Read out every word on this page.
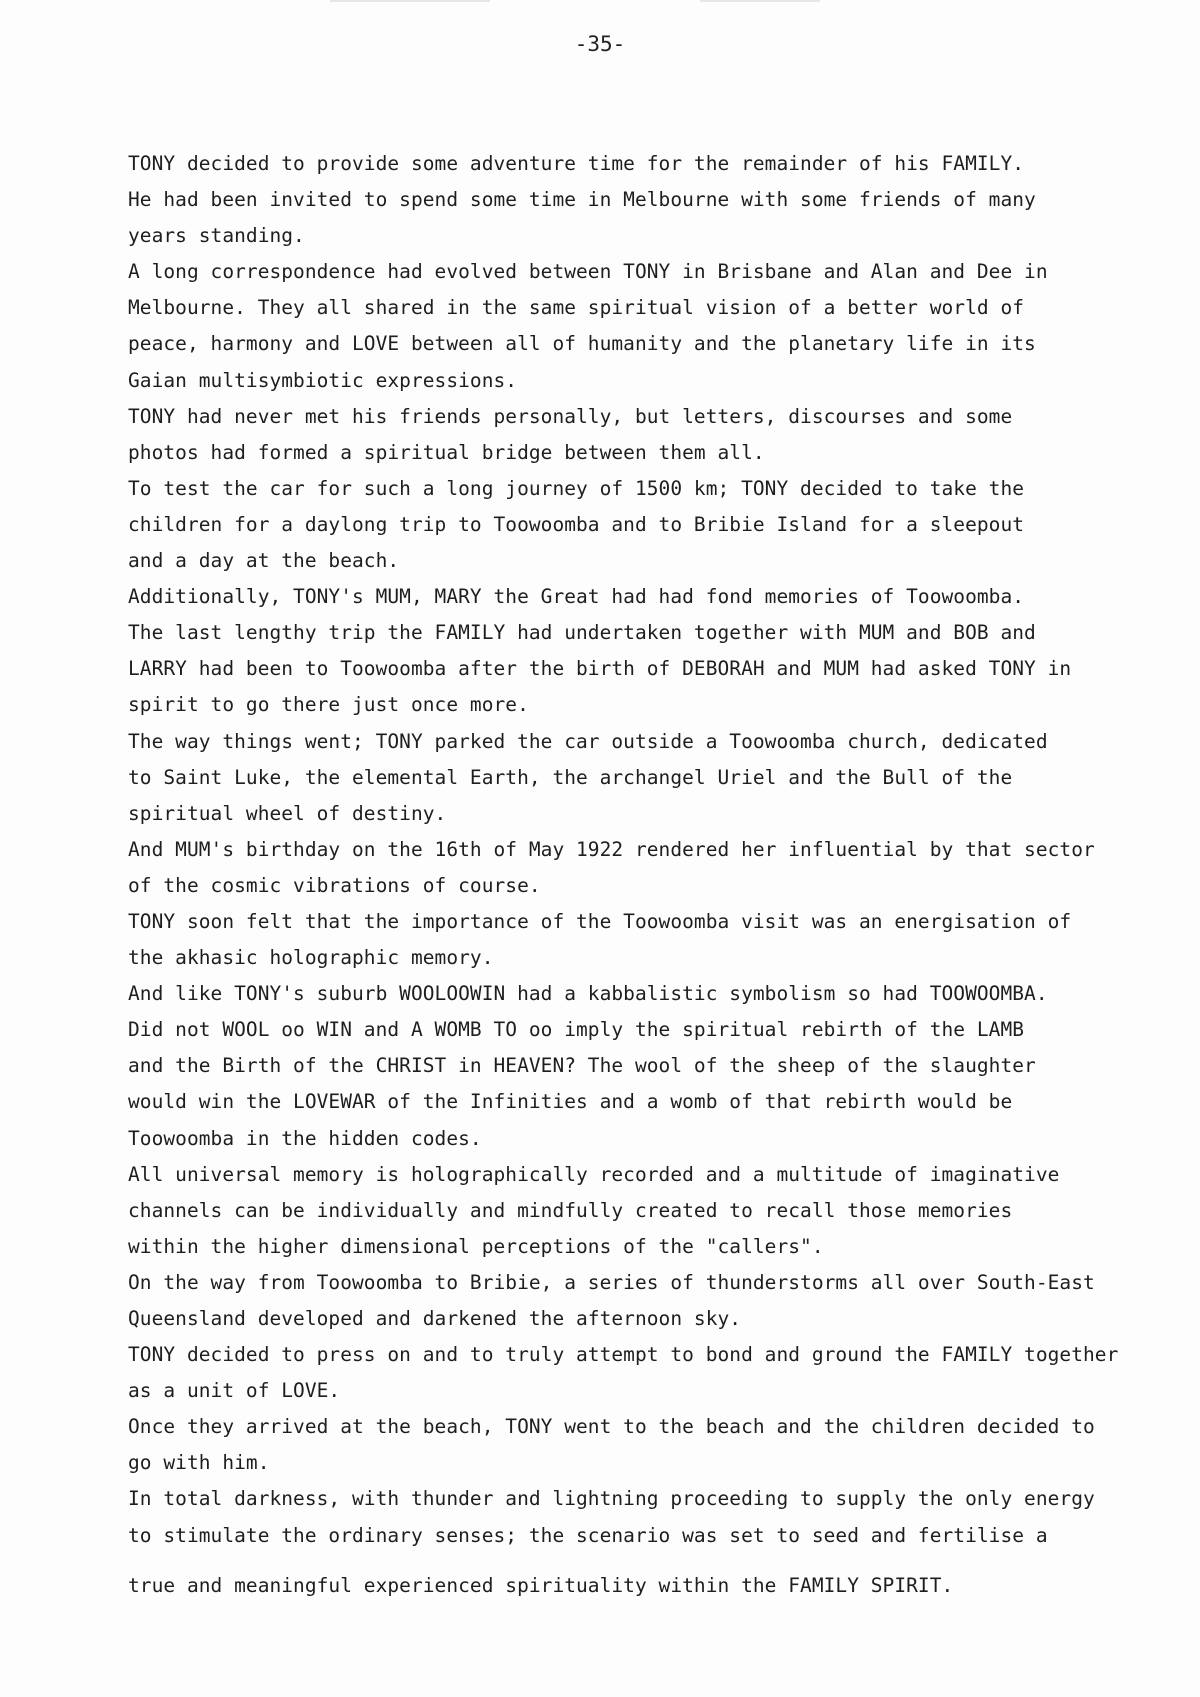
-35-

TONY decided to provide some adventure time for the remainder of his FAMILY.
He had been invited to spend some time in Melbourne with some friends of many
years standing.
A long correspondence had evolved between TONY in Brisbane and Alan and Dee in
Melbourne. They all shared in the same spiritual vision of a better world of
peace, harmony and LOVE between all of humanity and the planetary life in its
Gaian multisymbiotic expressions.
TONY had never met his friends personally, but letters, discourses and some
photos had formed a spiritual bridge between them all.
To test the car for such a long journey of 1500 km; TONY decided to take the
children for a daylong trip to Toowoomba and to Bribie Island for a sleepout
and a day at the beach.
Additionally, TONY's MUM, MARY the Great had had fond memories of Toowoomba.
The last lengthy trip the FAMILY had undertaken together with MUM and BOB and
LARRY had been to Toowoomba after the birth of DEBORAH and MUM had asked TONY in
spirit to go there just once more.
The way things went; TONY parked the car outside a Toowoomba church, dedicated
to Saint Luke, the elemental Earth, the archangel Uriel and the Bull of the
spiritual wheel of destiny.
And MUM's birthday on the 16th of May 1922 rendered her influential by that sector
of the cosmic vibrations of course.
TONY soon felt that the importance of the Toowoomba visit was an energisation of
the akhasic holographic memory.
And like TONY's suburb WOOLOOWIN had a kabbalistic symbolism so had TOOWOOMBA.
Did not WOOL oo WIN and A WOMB TO oo imply the spiritual rebirth of the LAMB
and the Birth of the CHRIST in HEAVEN? The wool of the sheep of the slaughter
would win the LOVEWAR of the Infinities and a womb of that rebirth would be
Toowoomba in the hidden codes.
All universal memory is holographically recorded and a multitude of imaginative
channels can be individually and mindfully created to recall those memories
within the higher dimensional perceptions of the "callers".
On the way from Toowoomba to Bribie, a series of thunderstorms all over South-East
Queensland developed and darkened the afternoon sky.
TONY decided to press on and to truly attempt to bond and ground the FAMILY together
as a unit of LOVE.
Once they arrived at the beach, TONY went to the beach and the children decided to
go with him.
In total darkness, with thunder and lightning proceeding to supply the only energy
to stimulate the ordinary senses; the scenario was set to seed and fertilise a
true and meaningful experienced spirituality within the FAMILY SPIRIT.
